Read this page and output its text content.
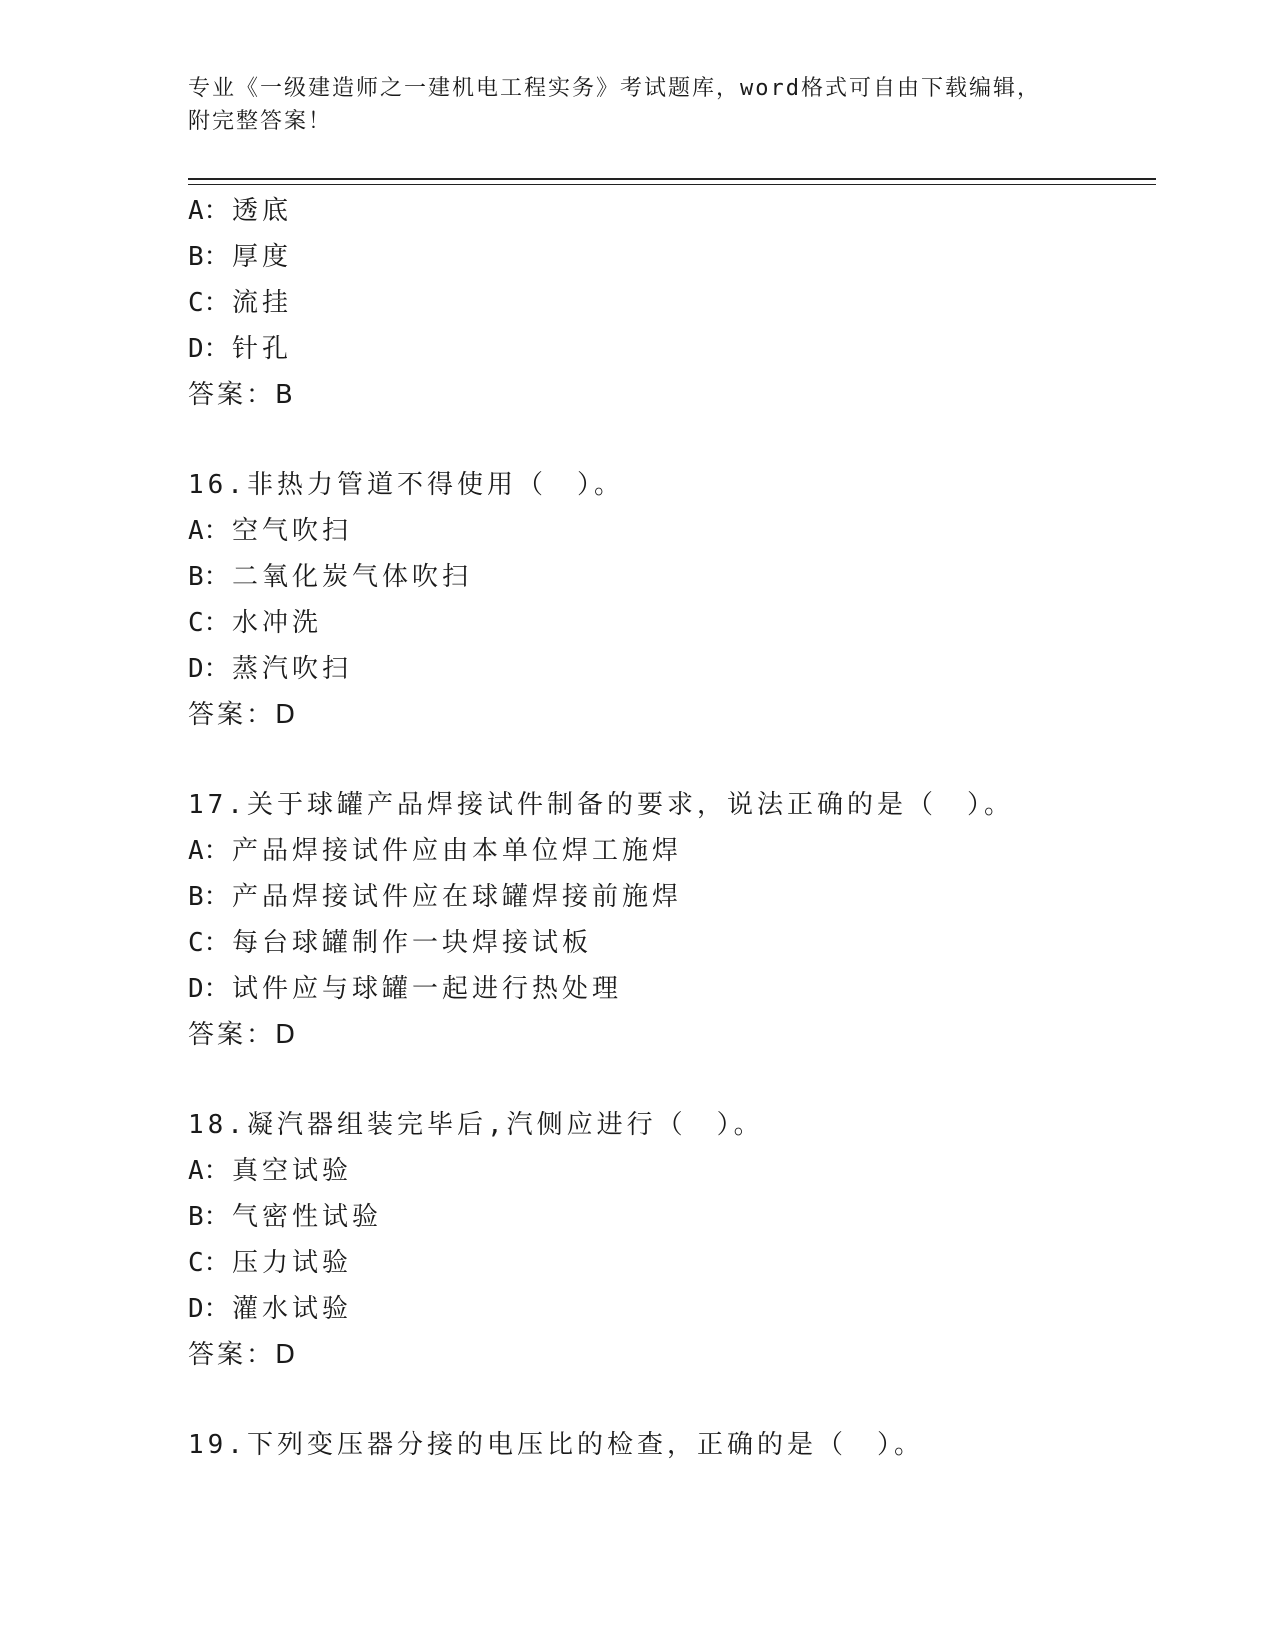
专业《一级建造师之一建机电工程实务》考试题库，word格式可自由下载编辑，
附完整答案！
A：透底
B：厚度
C：流挂
D：针孔
答案：B
16.非热力管道不得使用（　）。
A：空气吹扫
B：二氧化炭气体吹扫
C：水冲洗
D：蒸汽吹扫
答案：D
17.关于球罐产品焊接试件制备的要求，说法正确的是（　）。
A：产品焊接试件应由本单位焊工施焊
B：产品焊接试件应在球罐焊接前施焊
C：每台球罐制作一块焊接试板
D：试件应与球罐一起进行热处理
答案：D
18.凝汽器组装完毕后,汽侧应进行（　）。
A：真空试验
B：气密性试验
C：压力试验
D：灌水试验
答案：D
19.下列变压器分接的电压比的检查，正确的是（　）。
